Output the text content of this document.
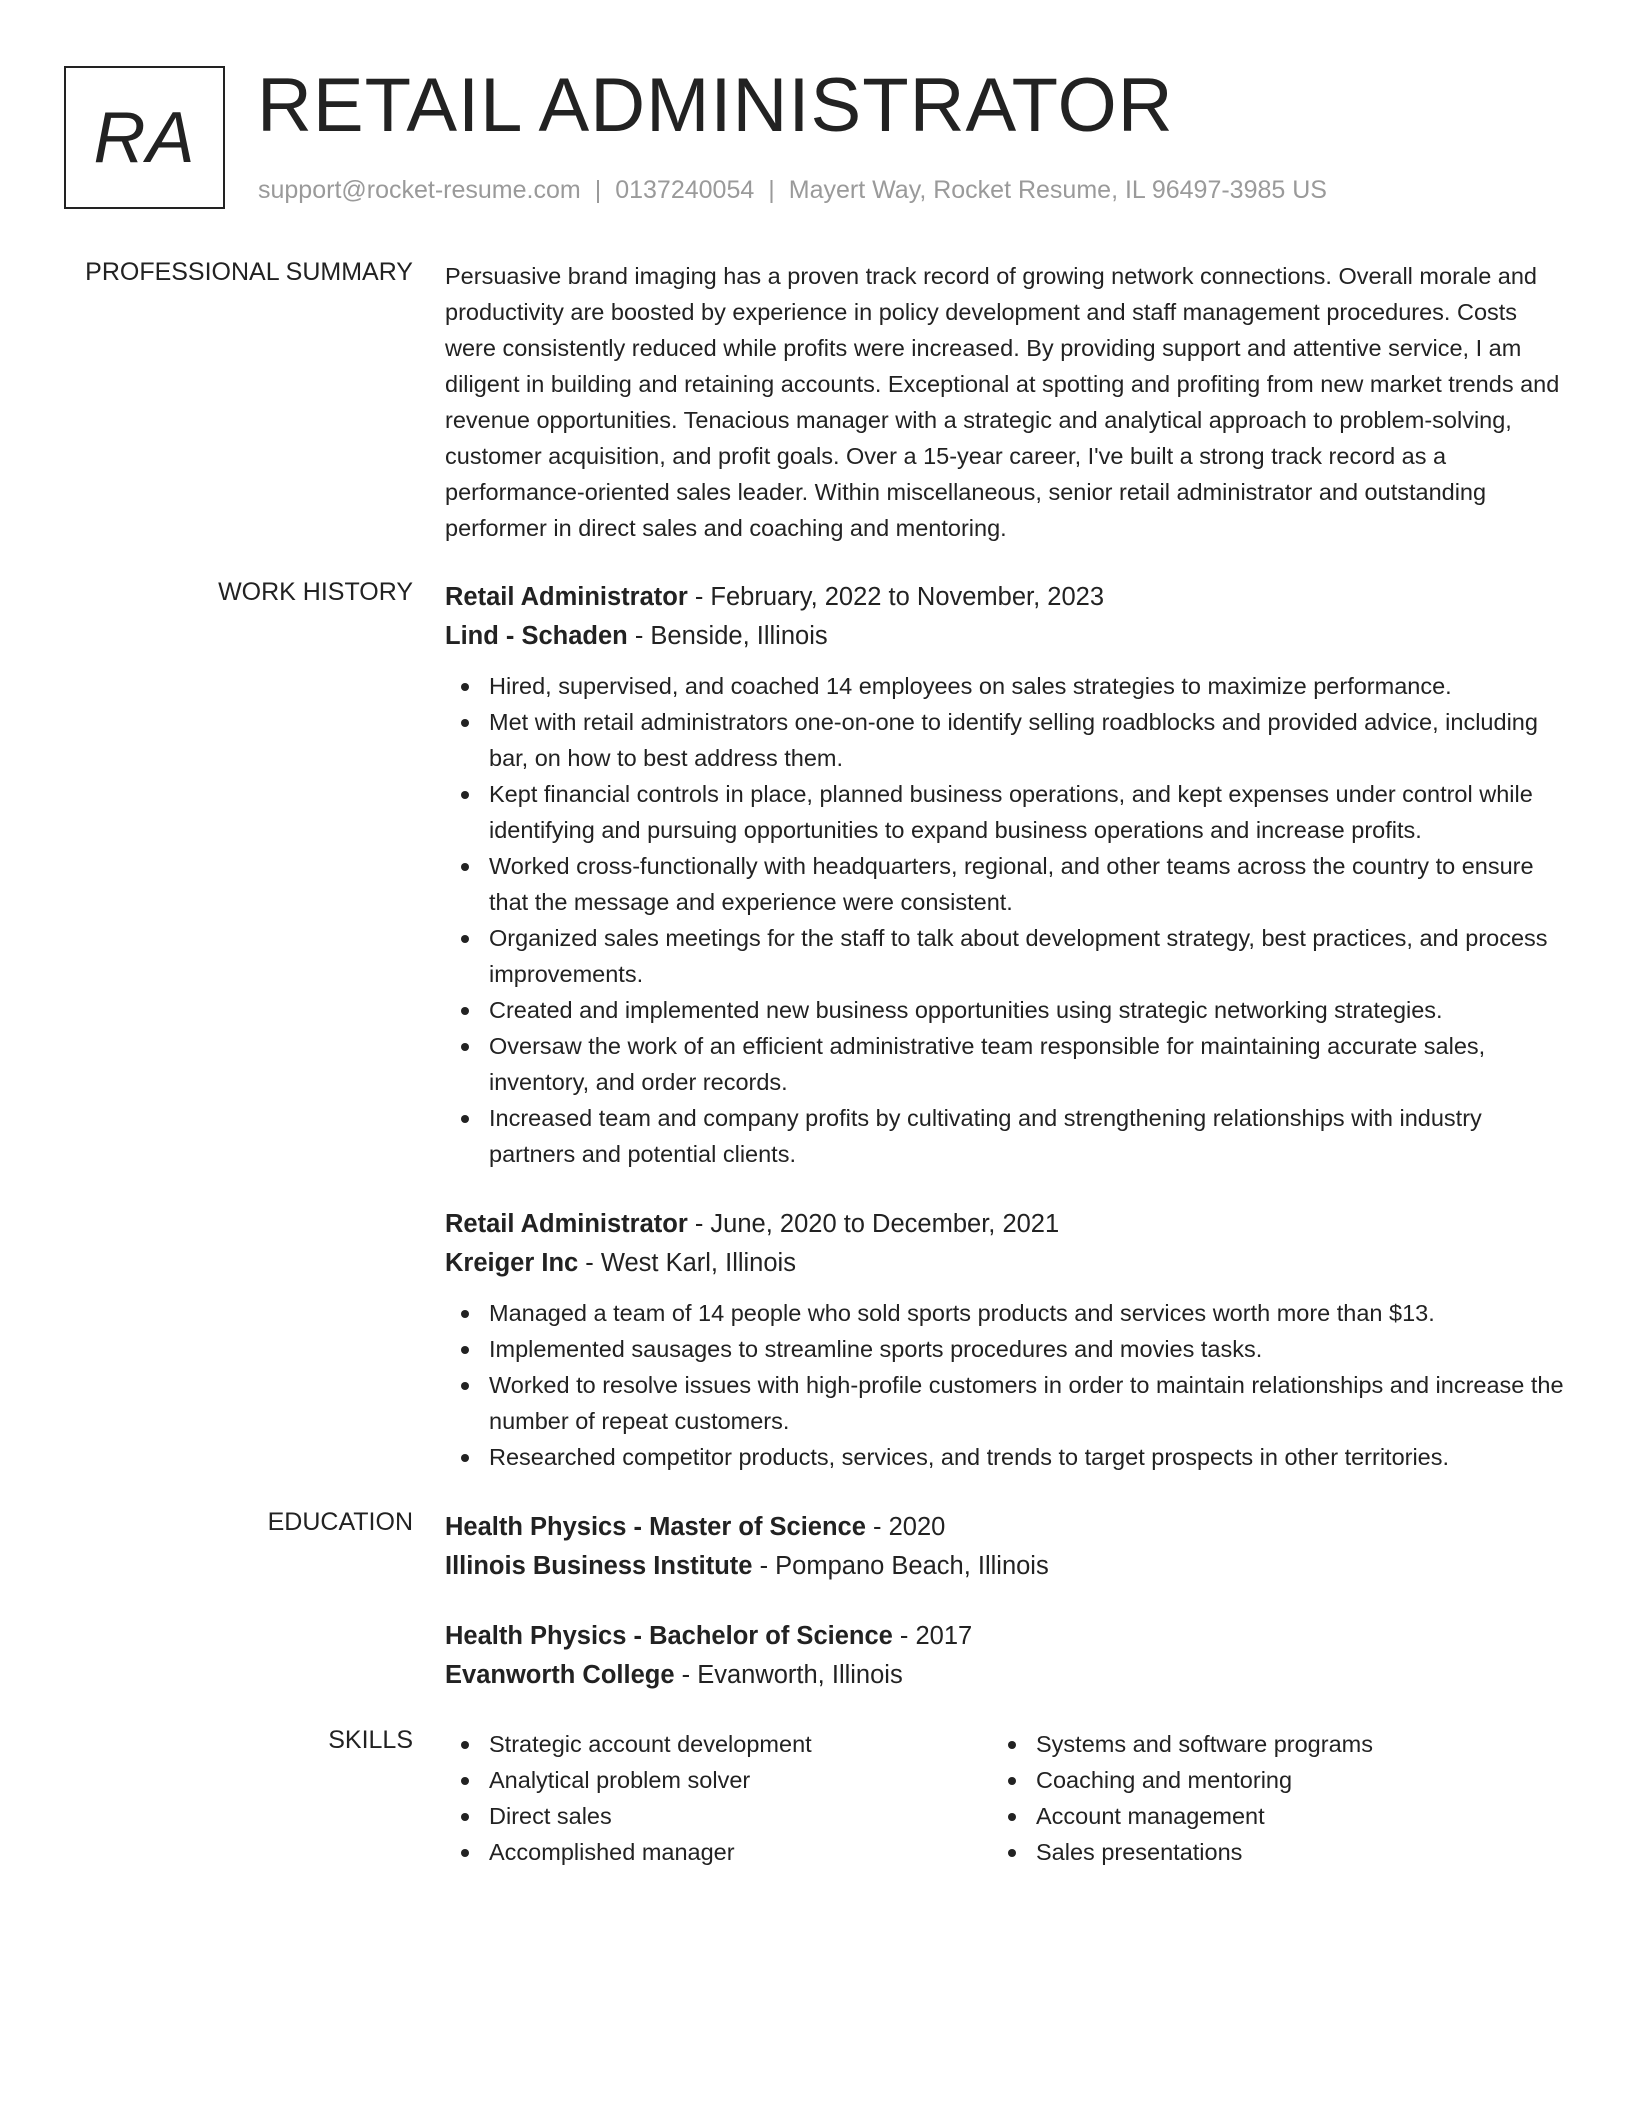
RA RETAIL ADMINISTRATOR
support@rocket-resume.com | 0137240054 | Mayert Way, Rocket Resume, IL 96497-3985 US
PROFESSIONAL SUMMARY Persuasive brand imaging has a proven track record of growing network connections. Overall morale and productivity are boosted by experience in policy development and staff management procedures. Costs were consistently reduced while profits were increased. By providing support and attentive service, I am diligent in building and retaining accounts. Exceptional at spotting and profiting from new market trends and revenue opportunities. Tenacious manager with a strategic and analytical approach to problem-solving, customer acquisition, and profit goals. Over a 15-year career, I've built a strong track record as a performance-oriented sales leader. Within miscellaneous, senior retail administrator and outstanding performer in direct sales and coaching and mentoring.
WORK HISTORY Retail Administrator - February, 2022 to November, 2023
Lind - Schaden - Benside, Illinois
Hired, supervised, and coached 14 employees on sales strategies to maximize performance.
Met with retail administrators one-on-one to identify selling roadblocks and provided advice, including bar, on how to best address them.
Kept financial controls in place, planned business operations, and kept expenses under control while identifying and pursuing opportunities to expand business operations and increase profits.
Worked cross-functionally with headquarters, regional, and other teams across the country to ensure that the message and experience were consistent.
Organized sales meetings for the staff to talk about development strategy, best practices, and process improvements.
Created and implemented new business opportunities using strategic networking strategies.
Oversaw the work of an efficient administrative team responsible for maintaining accurate sales, inventory, and order records.
Increased team and company profits by cultivating and strengthening relationships with industry partners and potential clients.
Retail Administrator - June, 2020 to December, 2021
Kreiger Inc - West Karl, Illinois
Managed a team of 14 people who sold sports products and services worth more than $13.
Implemented sausages to streamline sports procedures and movies tasks.
Worked to resolve issues with high-profile customers in order to maintain relationships and increase the number of repeat customers.
Researched competitor products, services, and trends to target prospects in other territories.
EDUCATION Health Physics - Master of Science - 2020
Illinois Business Institute - Pompano Beach, Illinois
Health Physics - Bachelor of Science - 2017
Evanworth College - Evanworth, Illinois
SKILLS	Strategic account development
Analytical problem solver
Direct sales
Accomplished manager
Systems and software programs
Coaching and mentoring
Account management
Sales presentations
